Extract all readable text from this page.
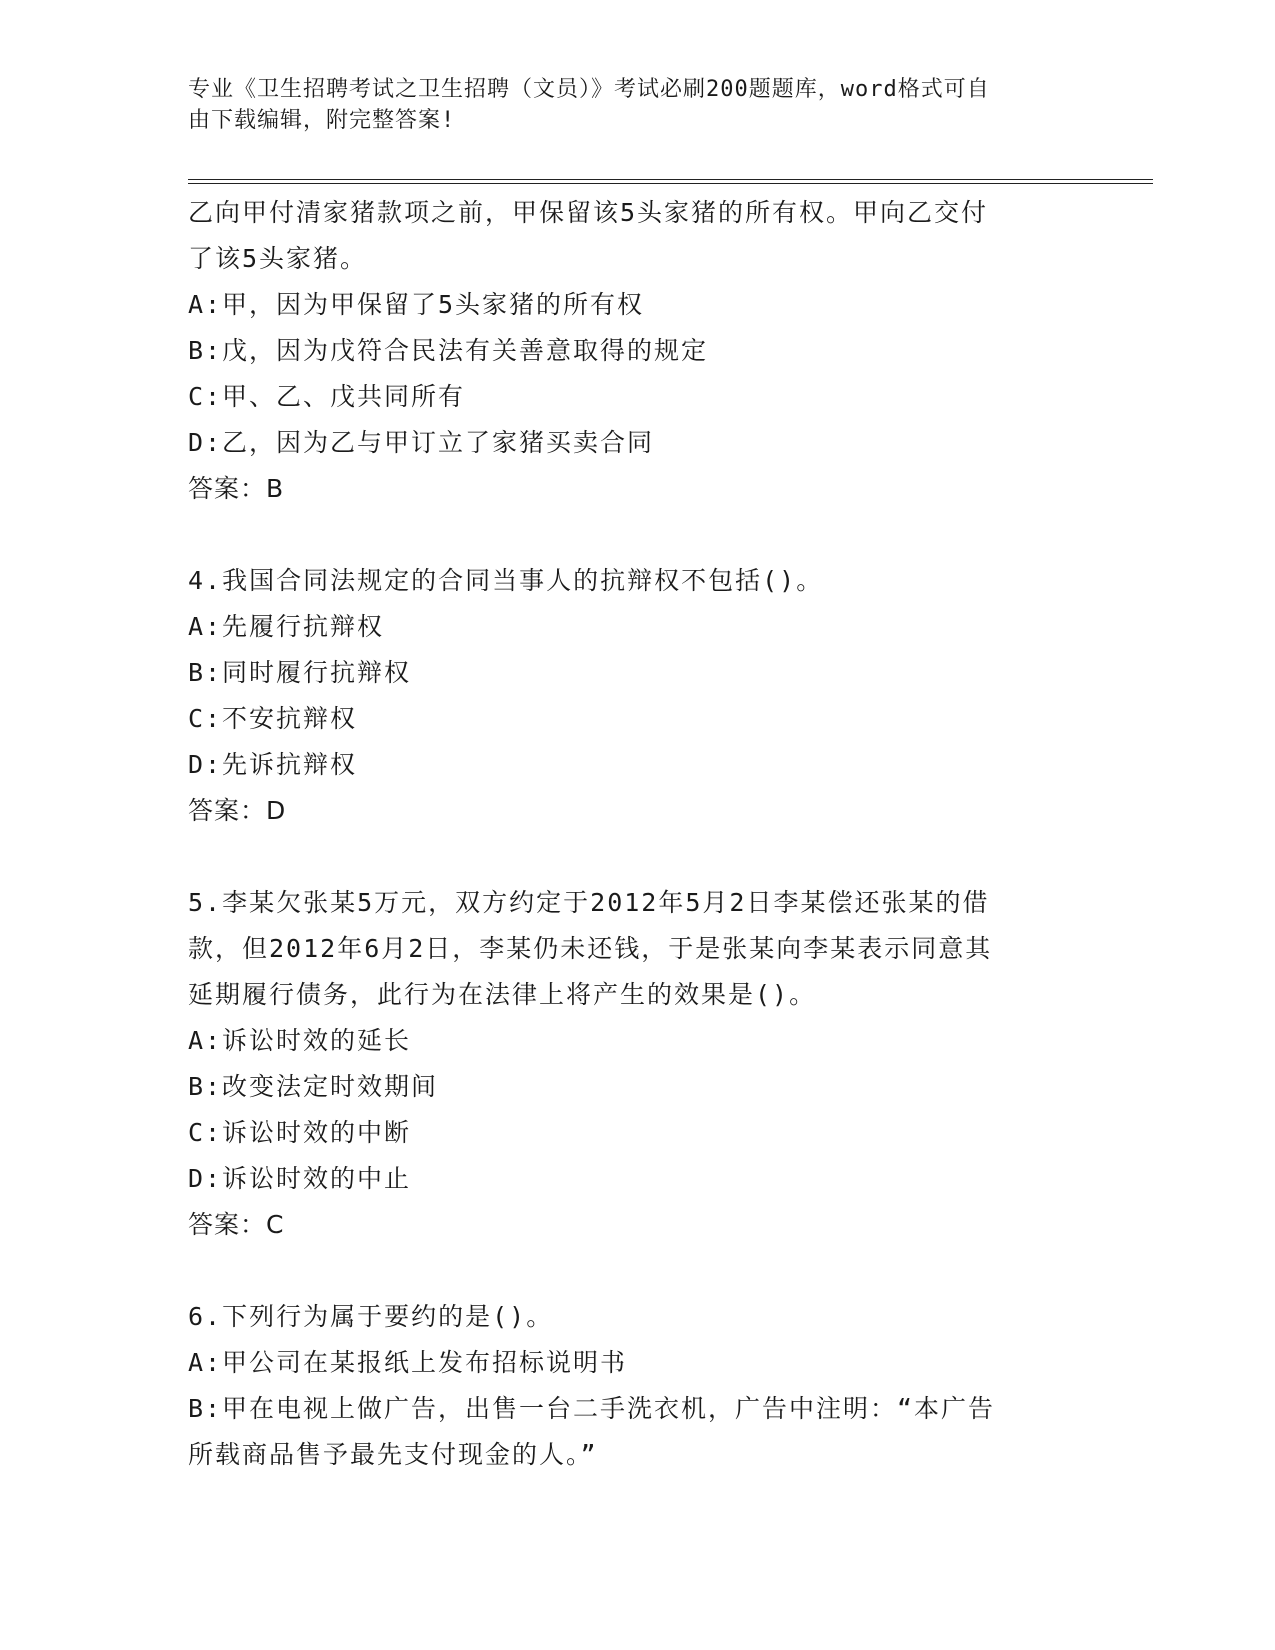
专业《卫生招聘考试之卫生招聘（文员）》考试必刷200题题库，word格式可自
由下载编辑，附完整答案!
乙向甲付清家猪款项之前，甲保留该5头家猪的所有权。甲向乙交付
了该5头家猪。
A:甲，因为甲保留了5头家猪的所有权
B:戊，因为戊符合民法有关善意取得的规定
C:甲、乙、戊共同所有
D:乙，因为乙与甲订立了家猪买卖合同
答案：B
4.我国合同法规定的合同当事人的抗辩权不包括()。
A:先履行抗辩权
B:同时履行抗辩权
C:不安抗辩权
D:先诉抗辩权
答案：D
5.李某欠张某5万元，双方约定于2012年5月2日李某偿还张某的借
款，但2012年6月2日，李某仍未还钱，于是张某向李某表示同意其
延期履行债务，此行为在法律上将产生的效果是()。
A:诉讼时效的延长
B:改变法定时效期间
C:诉讼时效的中断
D:诉讼时效的中止
答案：C
6.下列行为属于要约的是()。
A:甲公司在某报纸上发布招标说明书
B:甲在电视上做广告，出售一台二手洗衣机，广告中注明：“本广告
所载商品售予最先支付现金的人。”
